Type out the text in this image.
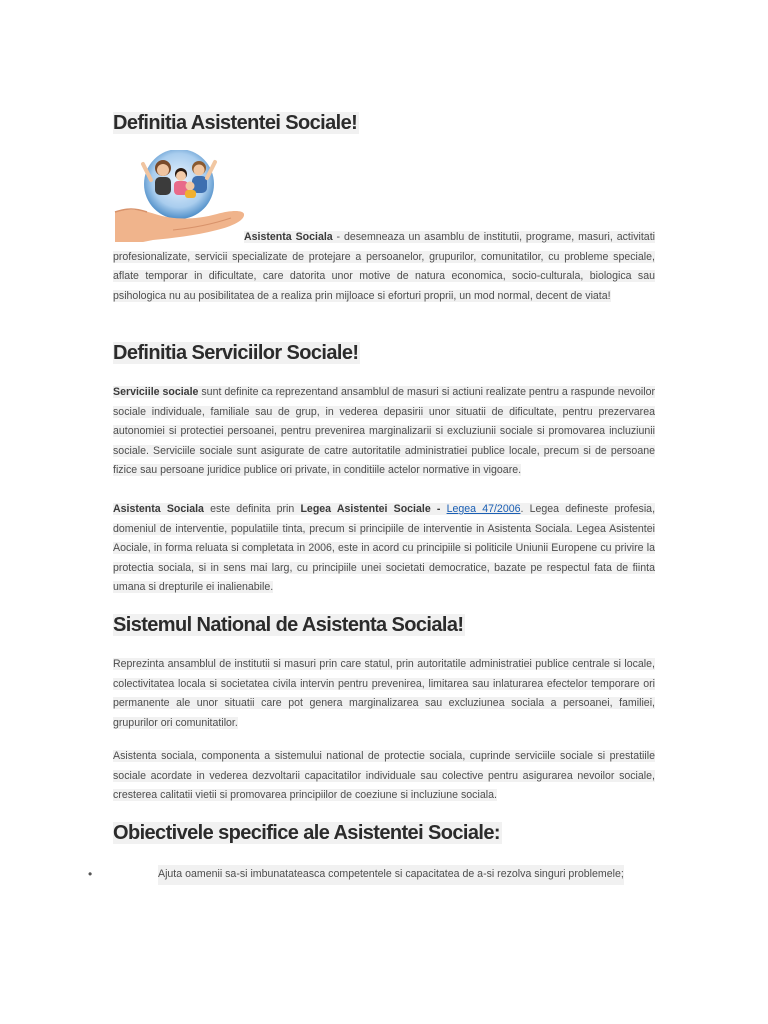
Definitia Asistentei Sociale!

Asistenta Sociala - desemneaza un asamblu de institutii, programe, masuri, activitati profesionalizate, servicii specializate de protejare a persoanelor, grupurilor, comunitatilor, cu probleme speciale, aflate temporar in dificultate, care datorita unor motive de natura economica, socio-culturala, biologica sau psihologica nu au posibilitatea de a realiza prin mijloace si eforturi proprii, un mod normal, decent de viata!

Definitia Serviciilor Sociale!

Serviciile sociale sunt definite ca reprezentand ansamblul de masuri si actiuni realizate pentru a raspunde nevoilor sociale individuale, familiale sau de grup, in vederea depasirii unor situatii de dificultate, pentru prezervarea autonomiei si protectiei persoanei, pentru prevenirea marginalizarii si excluziunii sociale si promovarea incluziunii sociale. Serviciile sociale sunt asigurate de catre autoritatile administratiei publice locale, precum si de persoane fizice sau persoane juridice publice ori private, in conditiile actelor normative in vigoare.

Asistenta Sociala este definita prin Legea Asistentei Sociale - Legea 47/2006. Legea defineste profesia, domeniul de interventie, populatiile tinta, precum si principiile de interventie in Asistenta Sociala. Legea Asistentei Aociale, in forma reluata si completata in 2006, este in acord cu principiile si politicile Uniunii Europene cu privire la protectia sociala, si in sens mai larg, cu principiile unei societati democratice, bazate pe respectul fata de fiinta umana si drepturile ei inalienabile.

Sistemul National de Asistenta Sociala!

Reprezinta ansamblul de institutii si masuri prin care statul, prin autoritatile administratiei publice centrale si locale, colectivitatea locala si societatea civila intervin pentru prevenirea, limitarea sau inlaturarea efectelor temporare ori permanente ale unor situatii care pot genera marginalizarea sau excluziunea sociala a persoanei, familiei, grupurilor ori comunitatilor.

Asistenta sociala, componenta a sistemului national de protectie sociala, cuprinde serviciile sociale si prestatiile sociale acordate in vederea dezvoltarii capacitatilor individuale sau colective pentru asigurarea nevoilor sociale, cresterea calitatii vietii si promovarea principiilor de coeziune si incluziune sociala.

Obiectivele specifice ale Asistentei Sociale:
•	Ajuta oamenii sa-si imbunatateasca competentele si capacitatea de a-si rezolva singuri problemele;
